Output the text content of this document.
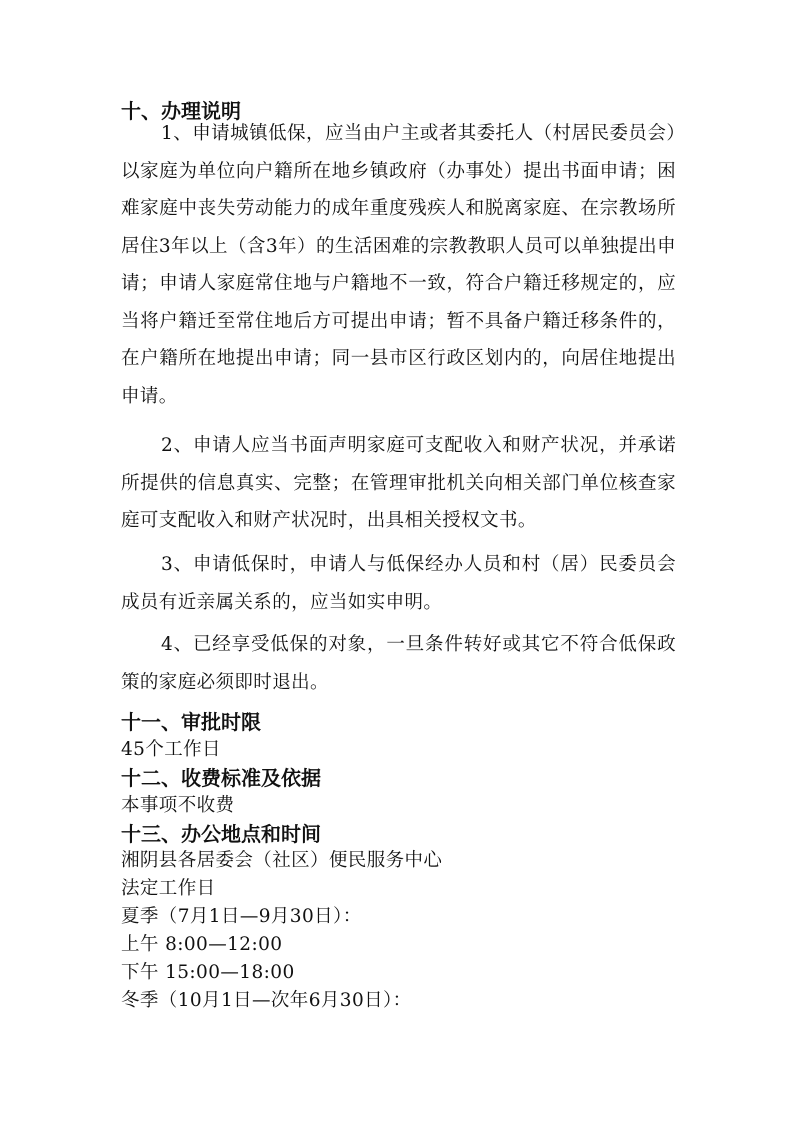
十、办理说明

1、申请城镇低保，应当由户主或者其委托人（村居民委员会）以家庭为单位向户籍所在地乡镇政府（办事处）提出书面申请；困难家庭中丧失劳动能力的成年重度残疾人和脱离家庭、在宗教场所居住3年以上（含3年）的生活困难的宗教教职人员可以单独提出申请；申请人家庭常住地与户籍地不一致，符合户籍迁移规定的，应当将户籍迁至常住地后方可提出申请；暂不具备户籍迁移条件的，在户籍所在地提出申请；同一县市区行政区划内的，向居住地提出申请。

2、申请人应当书面声明家庭可支配收入和财产状况，并承诺所提供的信息真实、完整；在管理审批机关向相关部门单位核查家庭可支配收入和财产状况时，出具相关授权文书。

3、申请低保时，申请人与低保经办人员和村（居）民委员会成员有近亲属关系的，应当如实申明。

4、已经享受低保的对象，一旦条件转好或其它不符合低保政策的家庭必须即时退出。

十一、审批时限
45个工作日
十二、收费标准及依据
本事项不收费
十三、办公地点和时间
湘阴县各居委会（社区）便民服务中心
法定工作日
夏季（7月1日—9月30日）：
上午 8:00—12:00
下午 15:00—18:00
冬季（10月1日—次年6月30日）：
